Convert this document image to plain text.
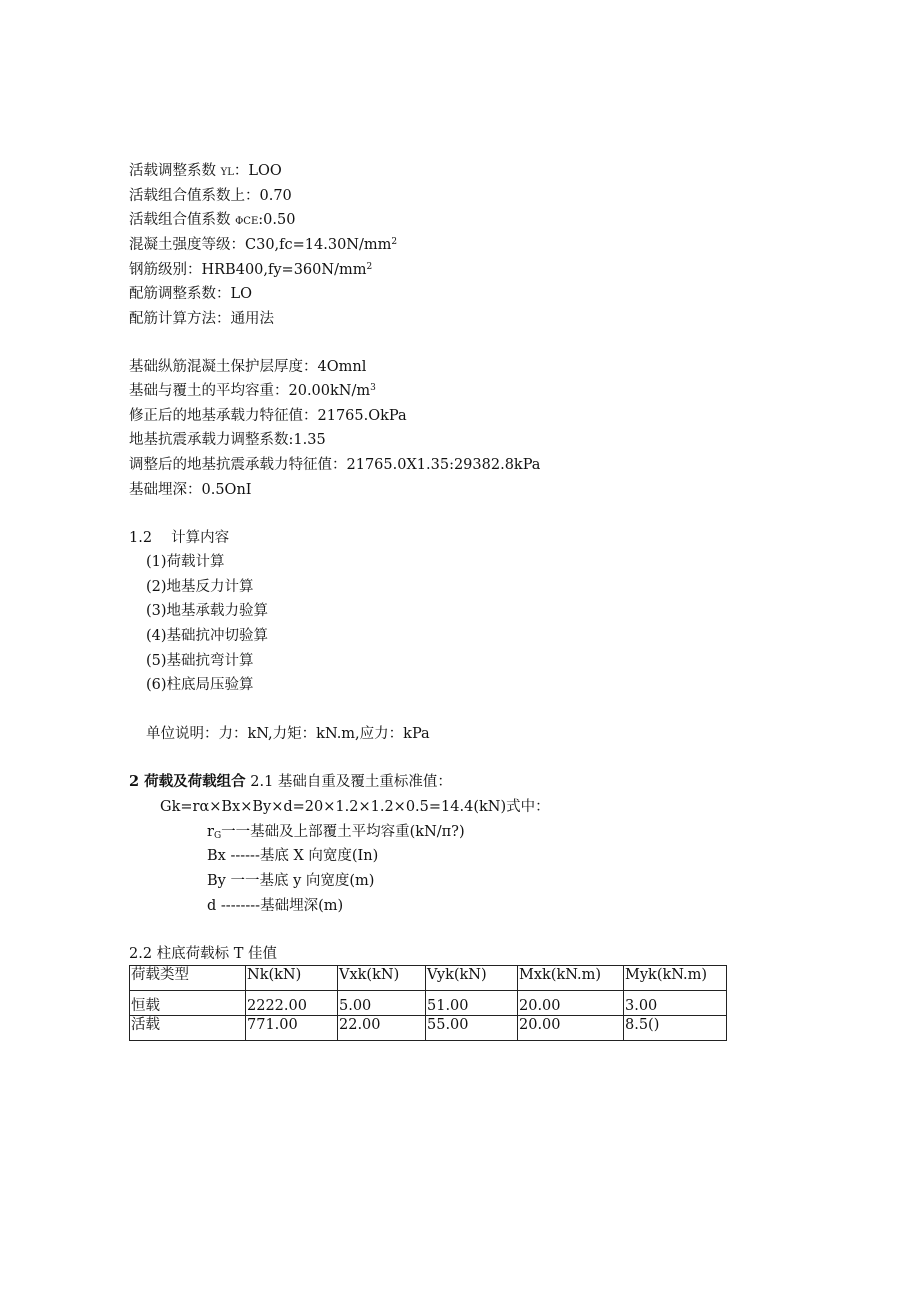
活载调整系数 YL：LOO
活载组合值系数上：0.70
活载组合值系数 ΦCE:0.50
混凝土强度等级：$C30,fc=14.30N/mm^2$
钢筋级别：$HRB400,fy=360N/mm^2$
配筋调整系数：LO
配筋计算方法：通用法
基础纵筋混凝土保护层厚度：4Omnl
基础与覆土的平均容重：$20.00kN/m^3$
修正后的地基承载力特征值：21765.OkPa
地基抗震承载力调整系数:1.35
调整后的地基抗震承载力特征值：21765.0X1.35:29382.8kPa
基础埋深：0.5OnI
1.2　 计算内容
(1)荷载计算
(2)地基反力计算
(3)地基承载力验算
(4)基础抗冲切验算
(5)基础抗弯计算
(6)柱底局压验算
单位说明：力：kN,力矩：kN.m,应力：kPa
2 荷载及荷载组合 2.1 基础自重及覆土重标准值：
Gk=rα×Bx×By×d=20×1.2×1.2×0.5=14.4(kN)式中：
$r_G$一一基础及上部覆土平均容重(kN/π?)
Bx ------基底 X 向宽度(In)
By 一一基底 y 向宽度(m)
d --------基础埋深(m)
2.2 柱底荷载标 T 佳值
荷载类型	Nk(kN)	Vxk(kN)	Vyk(kN)	Mxk(kN.m)	Myk(kN.m)
恒载	2222.00	5.00	51.00	20.00	3.00
活载	771.00	22.00	55.00	20.00	8.5()
